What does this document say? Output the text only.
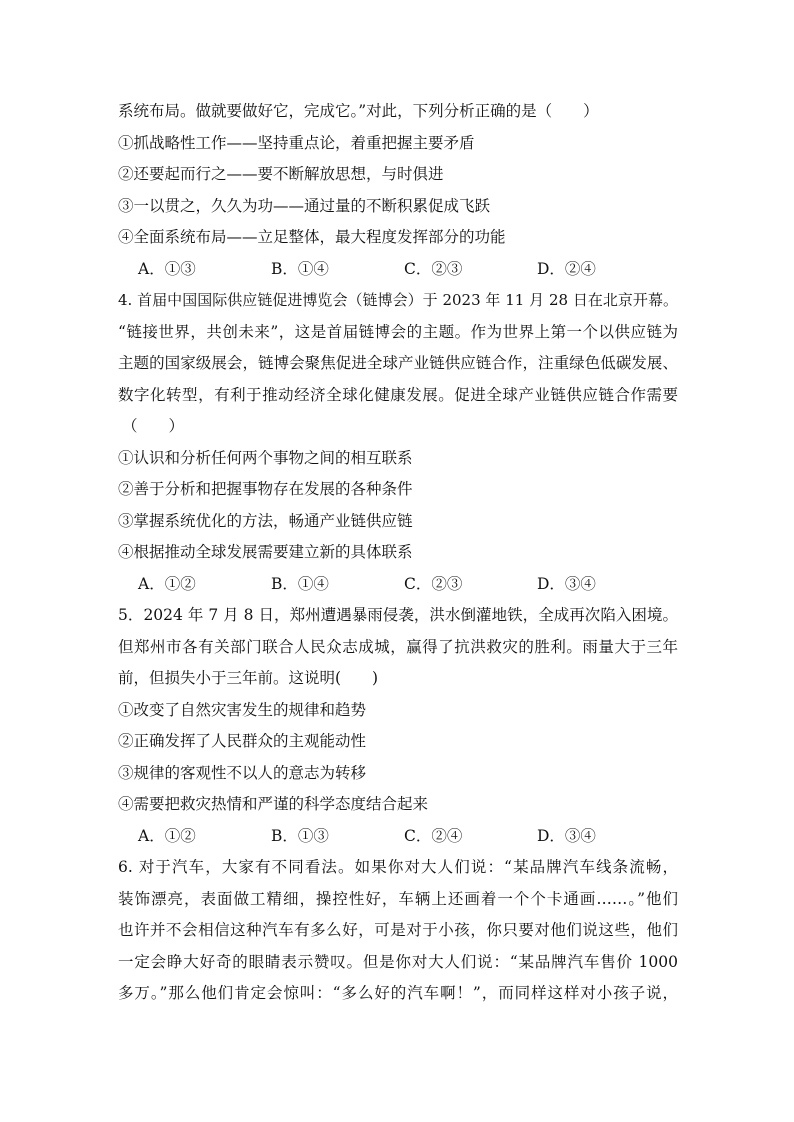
系统布局。做就要做好它，完成它。”对此，下列分析正确的是（　　）
①抓战略性工作——坚持重点论，着重把握主要矛盾
②还要起而行之——要不断解放思想，与时俱进
③一以贯之，久久为功——通过量的不断积累促成飞跃
④全面系统布局——立足整体，最大程度发挥部分的功能
A．①③	B．①④	C．②③	D．②④
4. 首届中国国际供应链促进博览会（链博会）于 2023 年 11 月 28 日在北京开幕。
“链接世界，共创未来”，这是首届链博会的主题。作为世界上第一个以供应链为
主题的国家级展会，链博会聚焦促进全球产业链供应链合作，注重绿色低碳发展、
数字化转型，有利于推动经济全球化健康发展。促进全球产业链供应链合作需要
（　　）
①认识和分析任何两个事物之间的相互联系
②善于分析和把握事物存在发展的各种条件
③掌握系统优化的方法，畅通产业链供应链
④根据推动全球发展需要建立新的具体联系
A．①②	B．①④	C．②③	D．③④
5．2024 年 7 月 8 日，郑州遭遇暴雨侵袭，洪水倒灌地铁，全成再次陷入困境。
但郑州市各有关部门联合人民众志成城，赢得了抗洪救灾的胜利。雨量大于三年
前，但损失小于三年前。这说明(　　)
①改变了自然灾害发生的规律和趋势
②正确发挥了人民群众的主观能动性
③规律的客观性不以人的意志为转移
④需要把救灾热情和严谨的科学态度结合起来
A．①②	B．①③	C．②④	D．③④
6. 对于汽车，大家有不同看法。如果你对大人们说：“某品牌汽车线条流畅，
装饰漂亮，表面做工精细，操控性好，车辆上还画着一个个卡通画……。”他们
也许并不会相信这种汽车有多么好，可是对于小孩，你只要对他们说这些，他们
一定会睁大好奇的眼睛表示赞叹。但是你对大人们说：“某品牌汽车售价 1000
多万。”那么他们肯定会惊叫：“多么好的汽车啊！”，而同样这样对小孩子说，
